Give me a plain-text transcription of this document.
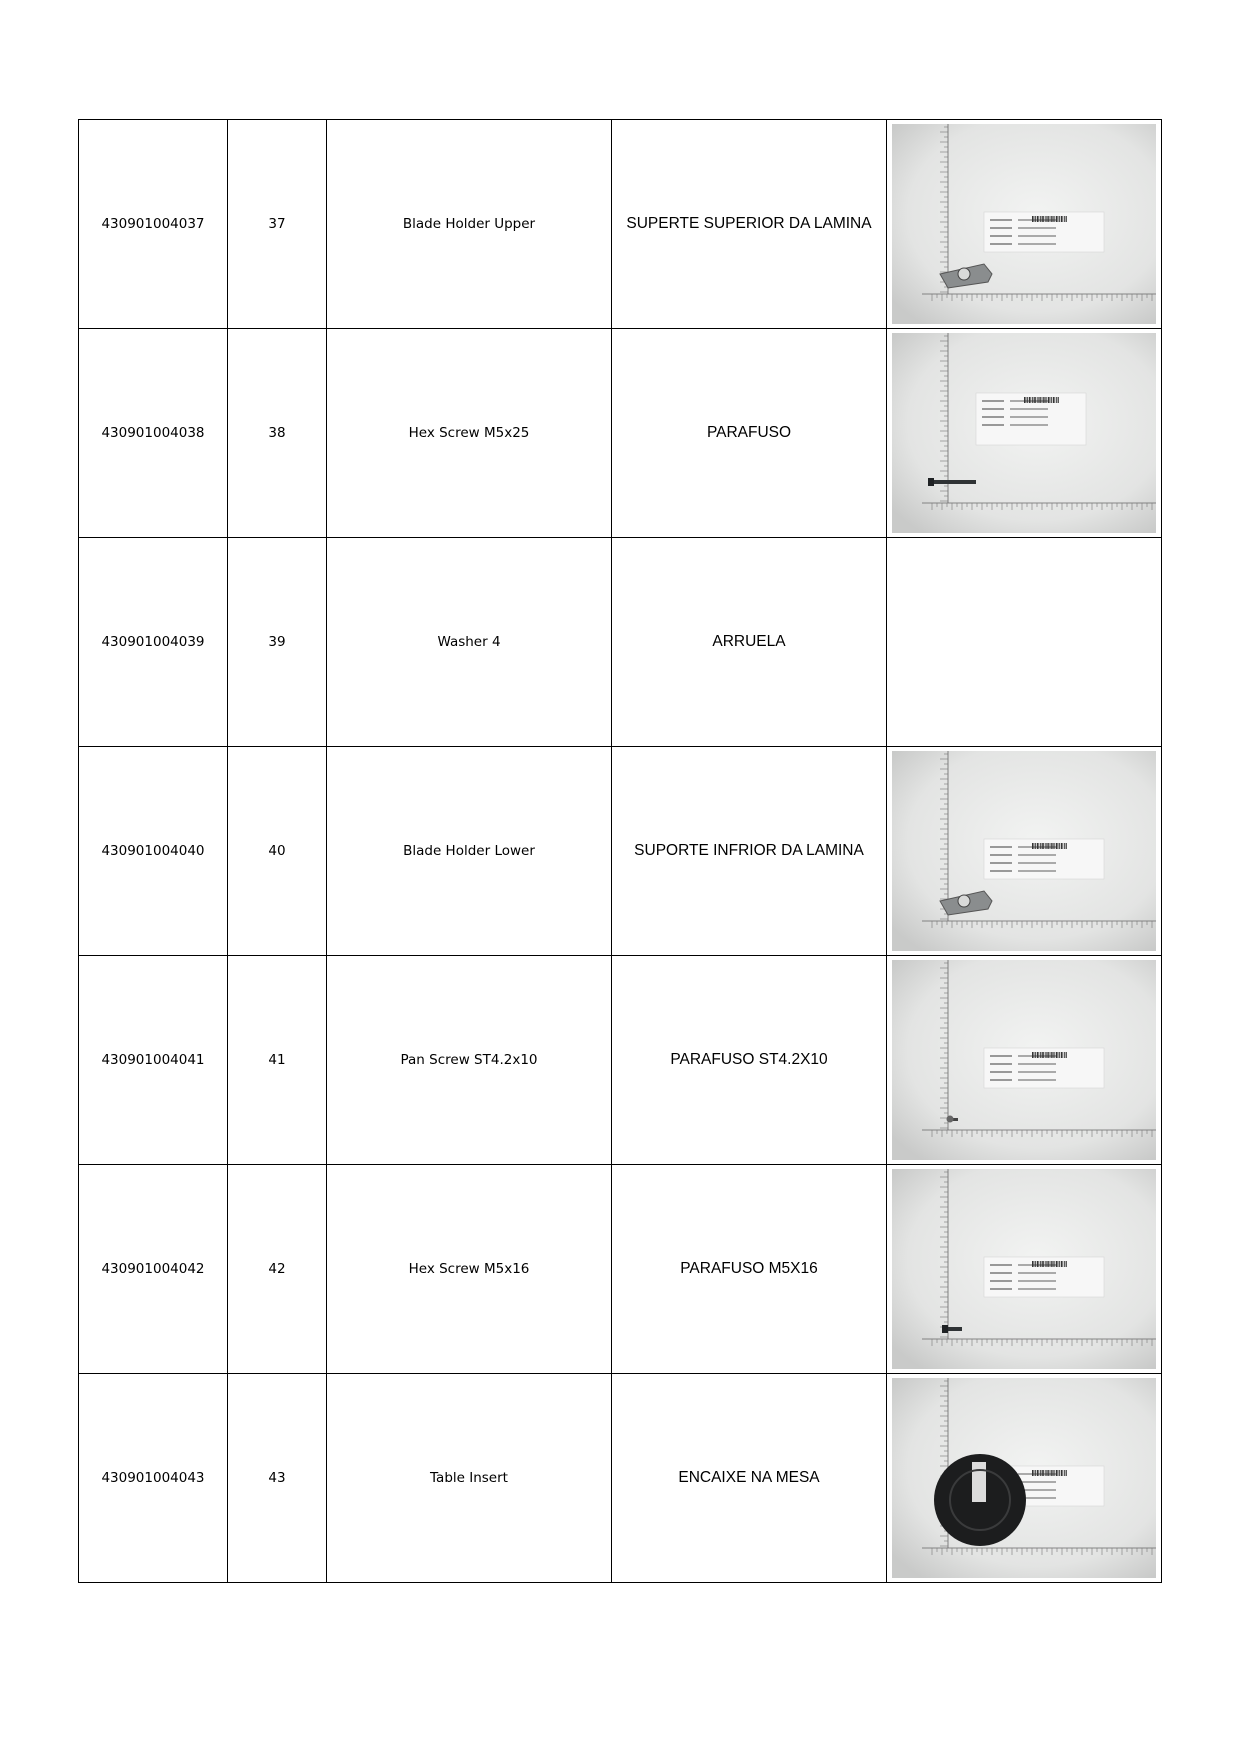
430901004037	37	Blade Holder Upper	SUPERTE SUPERIOR DA LAMINA	

430901004038	38	Hex Screw M5x25	PARAFUSO	

430901004039	39	Washer 4	ARRUELA	
430901004040	40	Blade Holder Lower	SUPORTE INFRIOR DA LAMINA	

430901004041	41	Pan Screw ST4.2x10	PARAFUSO ST4.2X10	

430901004042	42	Hex Screw M5x16	PARAFUSO M5X16	

430901004043	43	Table Insert	ENCAIXE NA MESA	
